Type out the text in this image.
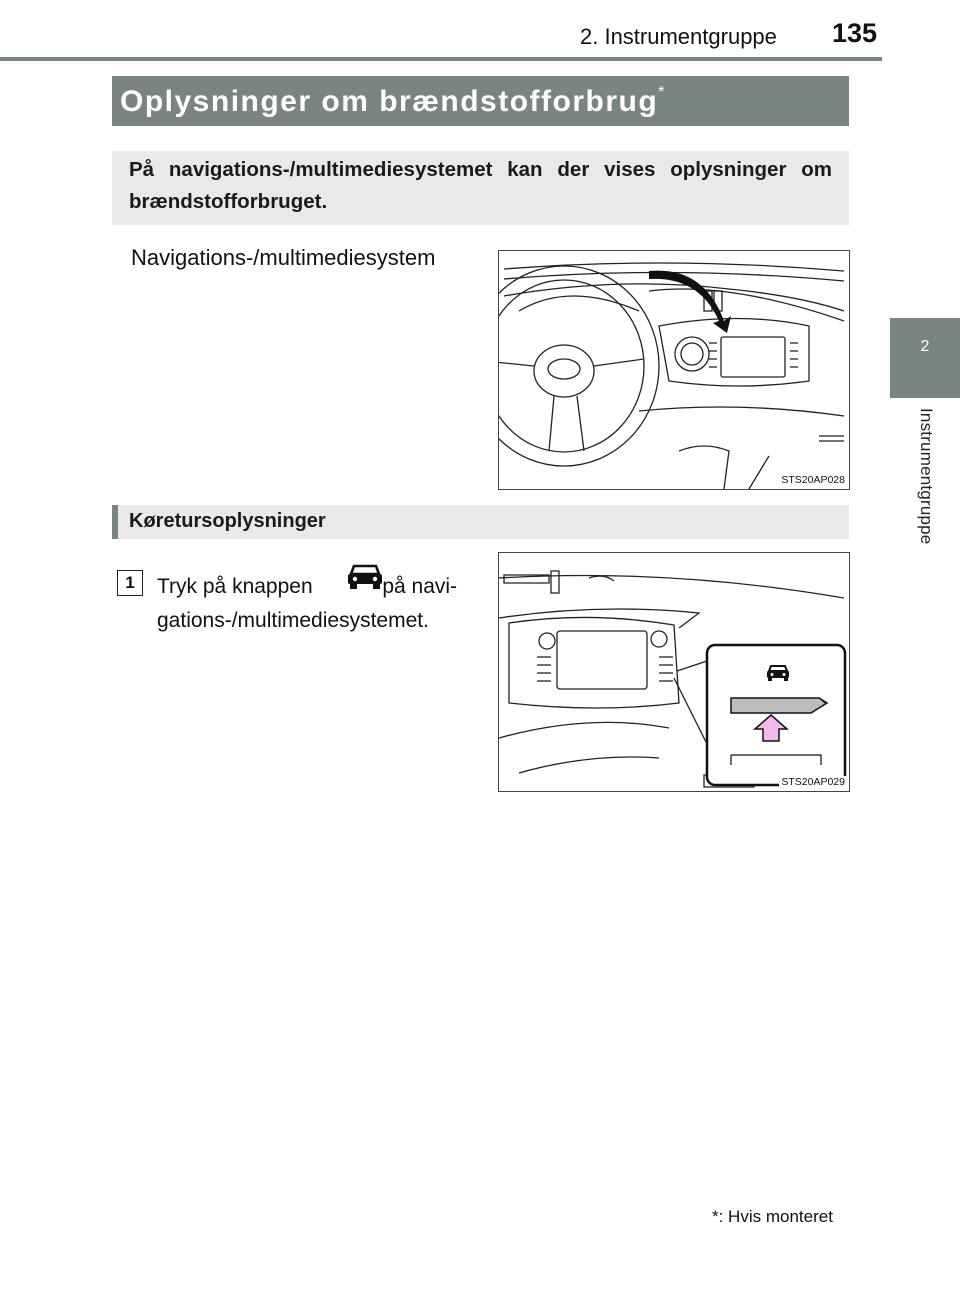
2. Instrumentgruppe 135
2
Instrumentgruppe
Oplysninger om brændstofforbrug*
På navigations-/multimediesystemet kan der vises oplysninger om brændstofforbruget.
Navigations-/multimediesystem
STS20AP028
Køretursoplysninger
1	Tryk på knappen	på navi-gations-/multimediesystemet.
STS20AP029
*: Hvis monteret
